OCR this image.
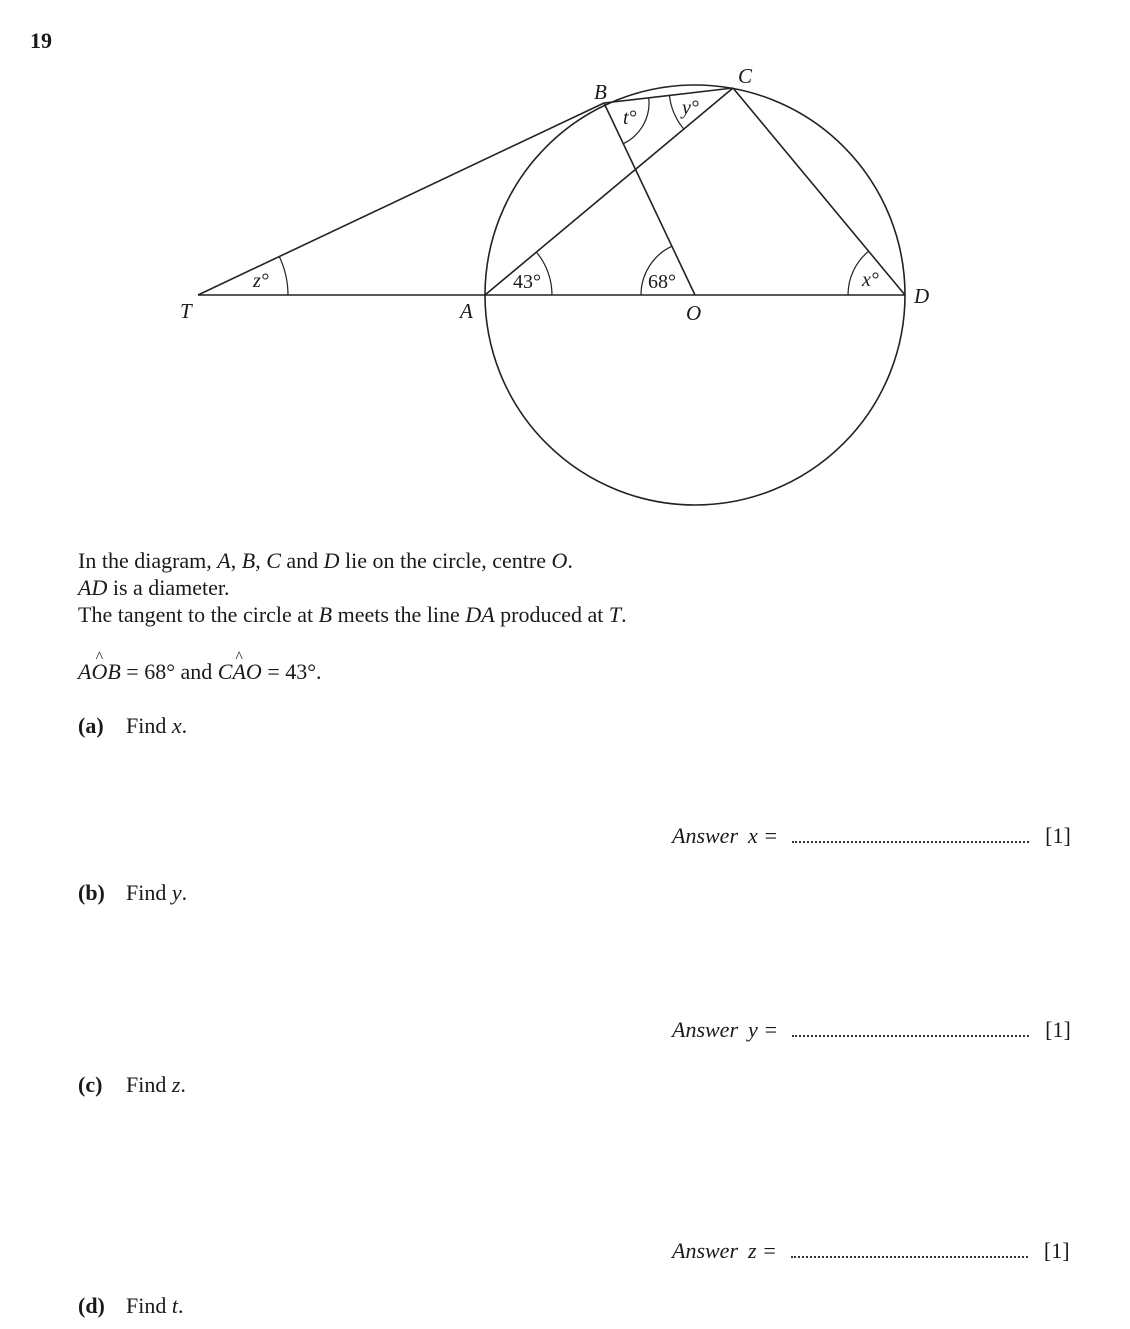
19
T	A	O
D
B
C
z°	43°	68°	x°
t° y°

In the diagram, A, B, C and D lie on the circle, centre O.

AD is a diameter.

The tangent to the circle at B meets the line DA produced at T.

A^ OB = 68° and C^ AO = 43°.

(a) Find x.
Answer x =	[1]
(b) Find y.
Answer y =	[1]
(c) Find z.
Answer z =	[1]
(d) Find t.
